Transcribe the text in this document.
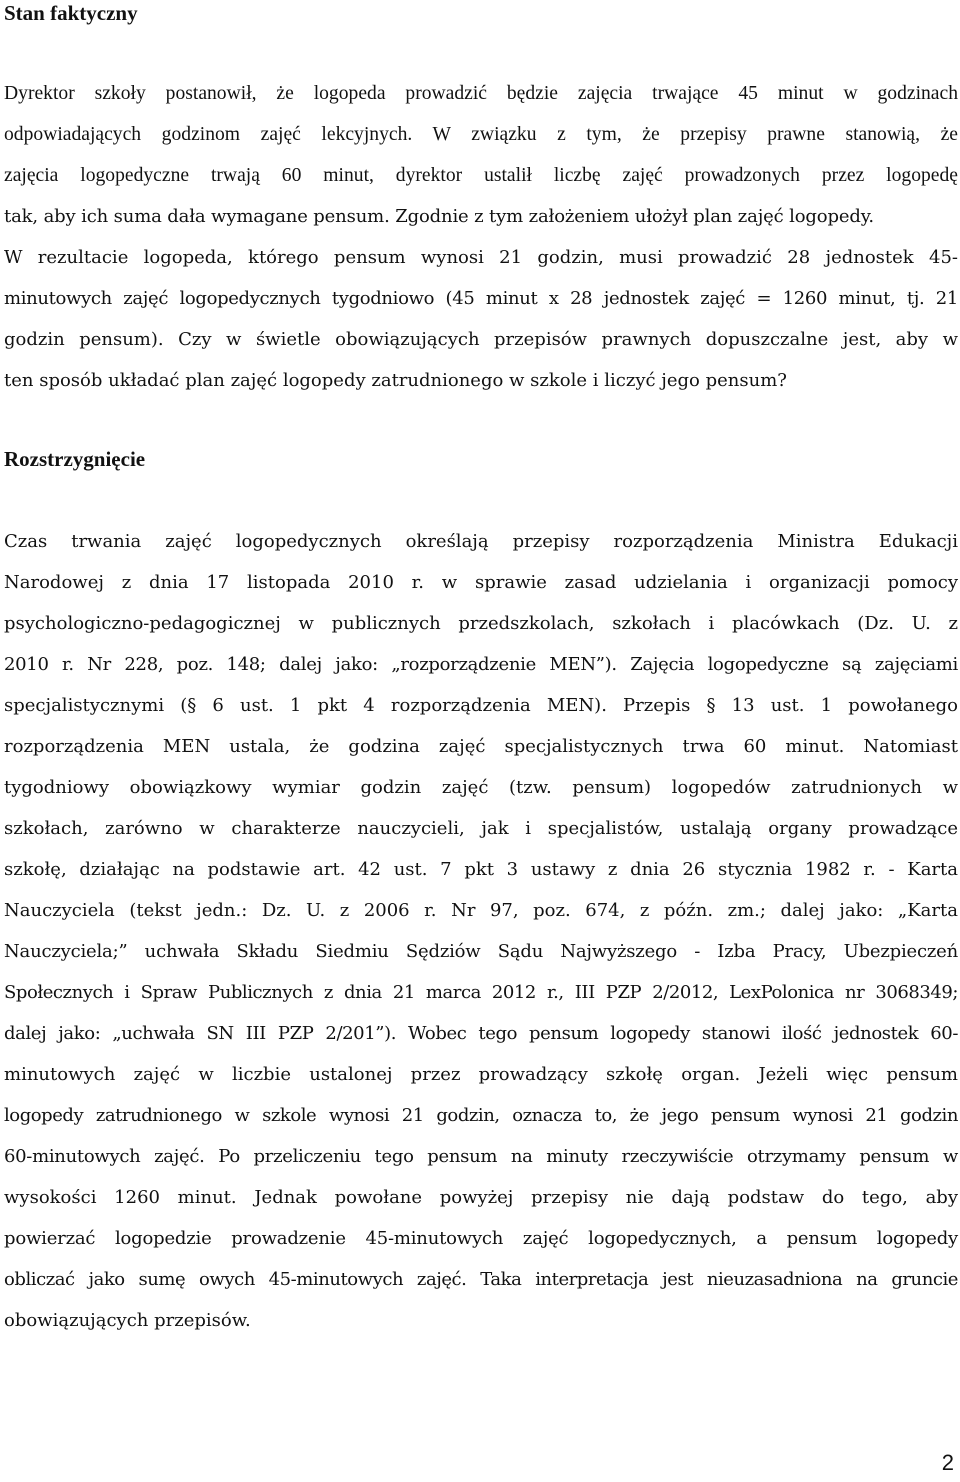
Stan faktyczny
Dyrektor szkoły postanowił, że logopeda prowadzić będzie zajęcia trwające 45 minut w godzinach
odpowiadających godzinom zajęć lekcyjnych. W związku z tym, że przepisy prawne stanowią, że
zajęcia logopedyczne trwają 60 minut, dyrektor ustalił liczbę zajęć prowadzonych przez logopedę
tak, aby ich suma dała wymagane pensum. Zgodnie z tym założeniem ułożył plan zajęć logopedy.
W rezultacie logopeda, którego pensum wynosi 21 godzin, musi prowadzić 28 jednostek 45-
minutowych zajęć logopedycznych tygodniowo (45 minut x 28 jednostek zajęć = 1260 minut, tj. 21
godzin pensum). Czy w świetle obowiązujących przepisów prawnych dopuszczalne jest, aby w
ten sposób układać plan zajęć logopedy zatrudnionego w szkole i liczyć jego pensum?
Rozstrzygnięcie
Czas trwania zajęć logopedycznych określają przepisy rozporządzenia Ministra Edukacji
Narodowej z dnia 17 listopada 2010 r. w sprawie zasad udzielania i organizacji pomocy
psychologiczno-pedagogicznej w publicznych przedszkolach, szkołach i placówkach (Dz. U. z
2010 r. Nr 228, poz. 148; dalej jako: „rozporządzenie MEN”). Zajęcia logopedyczne są zajęciami
specjalistycznymi (§ 6 ust. 1 pkt 4 rozporządzenia MEN). Przepis § 13 ust. 1 powołanego
rozporządzenia MEN ustala, że godzina zajęć specjalistycznych trwa 60 minut. Natomiast
tygodniowy obowiązkowy wymiar godzin zajęć (tzw. pensum) logopedów zatrudnionych w
szkołach, zarówno w charakterze nauczycieli, jak i specjalistów, ustalają organy prowadzące
szkołę, działając na podstawie art. 42 ust. 7 pkt 3 ustawy z dnia 26 stycznia 1982 r. - Karta
Nauczyciela (tekst jedn.: Dz. U. z 2006 r. Nr 97, poz. 674, z późn. zm.; dalej jako: „Karta
Nauczyciela;” uchwała Składu Siedmiu Sędziów Sądu Najwyższego - Izba Pracy, Ubezpieczeń
Społecznych i Spraw Publicznych z dnia 21 marca 2012 r., III PZP 2/2012, LexPolonica nr 3068349;
dalej jako: „uchwała SN III PZP 2/201”). Wobec tego pensum logopedy stanowi ilość jednostek 60-
minutowych zajęć w liczbie ustalonej przez prowadzący szkołę organ. Jeżeli więc pensum
logopedy zatrudnionego w szkole wynosi 21 godzin, oznacza to, że jego pensum wynosi 21 godzin
60-minutowych zajęć. Po przeliczeniu tego pensum na minuty rzeczywiście otrzymamy pensum w
wysokości 1260 minut. Jednak powołane powyżej przepisy nie dają podstaw do tego, aby
powierzać logopedzie prowadzenie 45-minutowych zajęć logopedycznych, a pensum logopedy
obliczać jako sumę owych 45-minutowych zajęć. Taka interpretacja jest nieuzasadniona na gruncie
obowiązujących przepisów.

2
